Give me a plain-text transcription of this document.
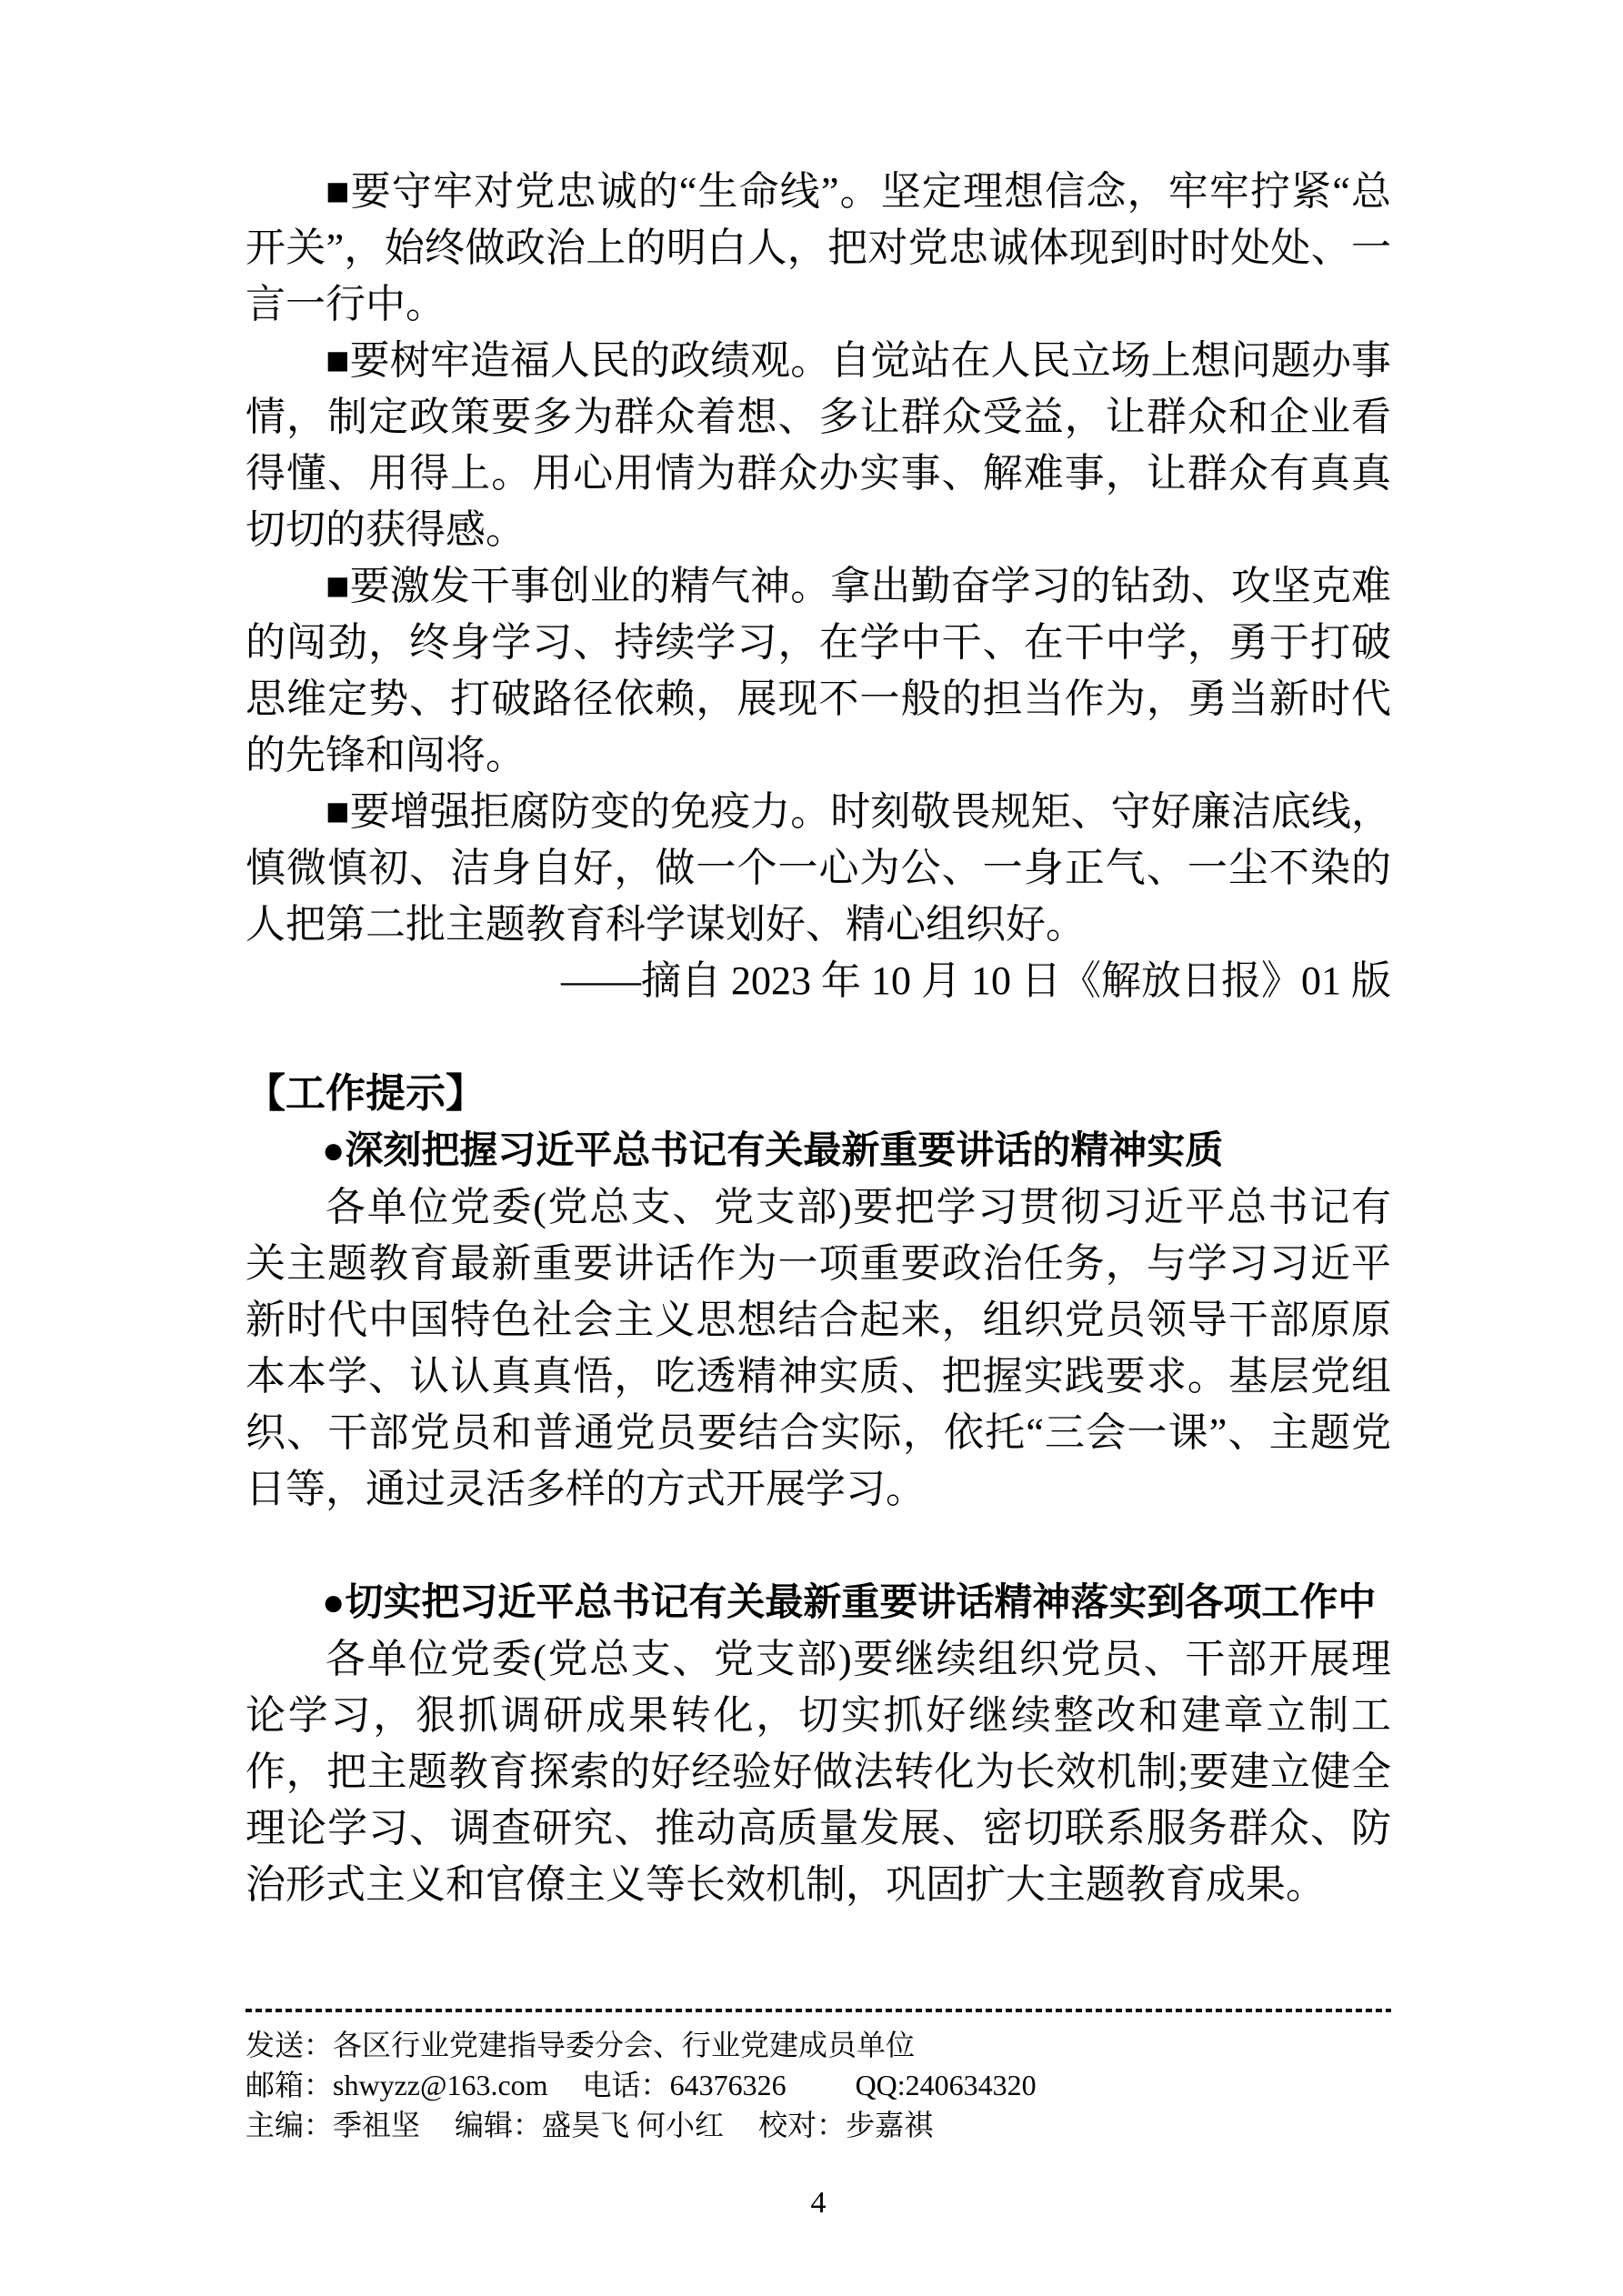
■要守牢对党忠诚的“生命线”。坚定理想信念，牢牢拧紧“总开关”，始终做政治上的明白人，把对党忠诚体现到时时处处、一言一行中。

■要树牢造福人民的政绩观。自觉站在人民立场上想问题办事情，制定政策要多为群众着想、多让群众受益，让群众和企业看得懂、用得上。用心用情为群众办实事、解难事，让群众有真真切切的获得感。

■要激发干事创业的精气神。拿出勤奋学习的钻劲、攻坚克难的闯劲，终身学习、持续学习，在学中干、在干中学，勇于打破思维定势、打破路径依赖，展现不一般的担当作为，勇当新时代的先锋和闯将。

■要增强拒腐防变的免疫力。时刻敬畏规矩、守好廉洁底线，慎微慎初、洁身自好，做一个一心为公、一身正气、一尘不染的人把第二批主题教育科学谋划好、精心组织好。

——摘自 2023 年 10 月 10 日《解放日报》01 版

【工作提示】

●深刻把握习近平总书记有关最新重要讲话的精神实质

各单位党委(党总支、党支部)要把学习贯彻习近平总书记有关主题教育最新重要讲话作为一项重要政治任务，与学习习近平新时代中国特色社会主义思想结合起来，组织党员领导干部原原本本学、认认真真悟，吃透精神实质、把握实践要求。基层党组织、干部党员和普通党员要结合实际，依托“三会一课”、主题党日等，通过灵活多样的方式开展学习。

●切实把习近平总书记有关最新重要讲话精神落实到各项工作中

各单位党委(党总支、党支部)要继续组织党员、干部开展理论学习，狠抓调研成果转化，切实抓好继续整改和建章立制工作，把主题教育探索的好经验好做法转化为长效机制;要建立健全理论学习、调查研究、推动高质量发展、密切联系服务群众、防治形式主义和官僚主义等长效机制，巩固扩大主题教育成果。

发送：各区行业党建指导委分会、行业党建成员单位
邮箱：shwyzz@163.com 电话：64376326 QQ:240634320
主编：季祖坚 编辑：盛昊飞 何小红 校对：步嘉祺
4
